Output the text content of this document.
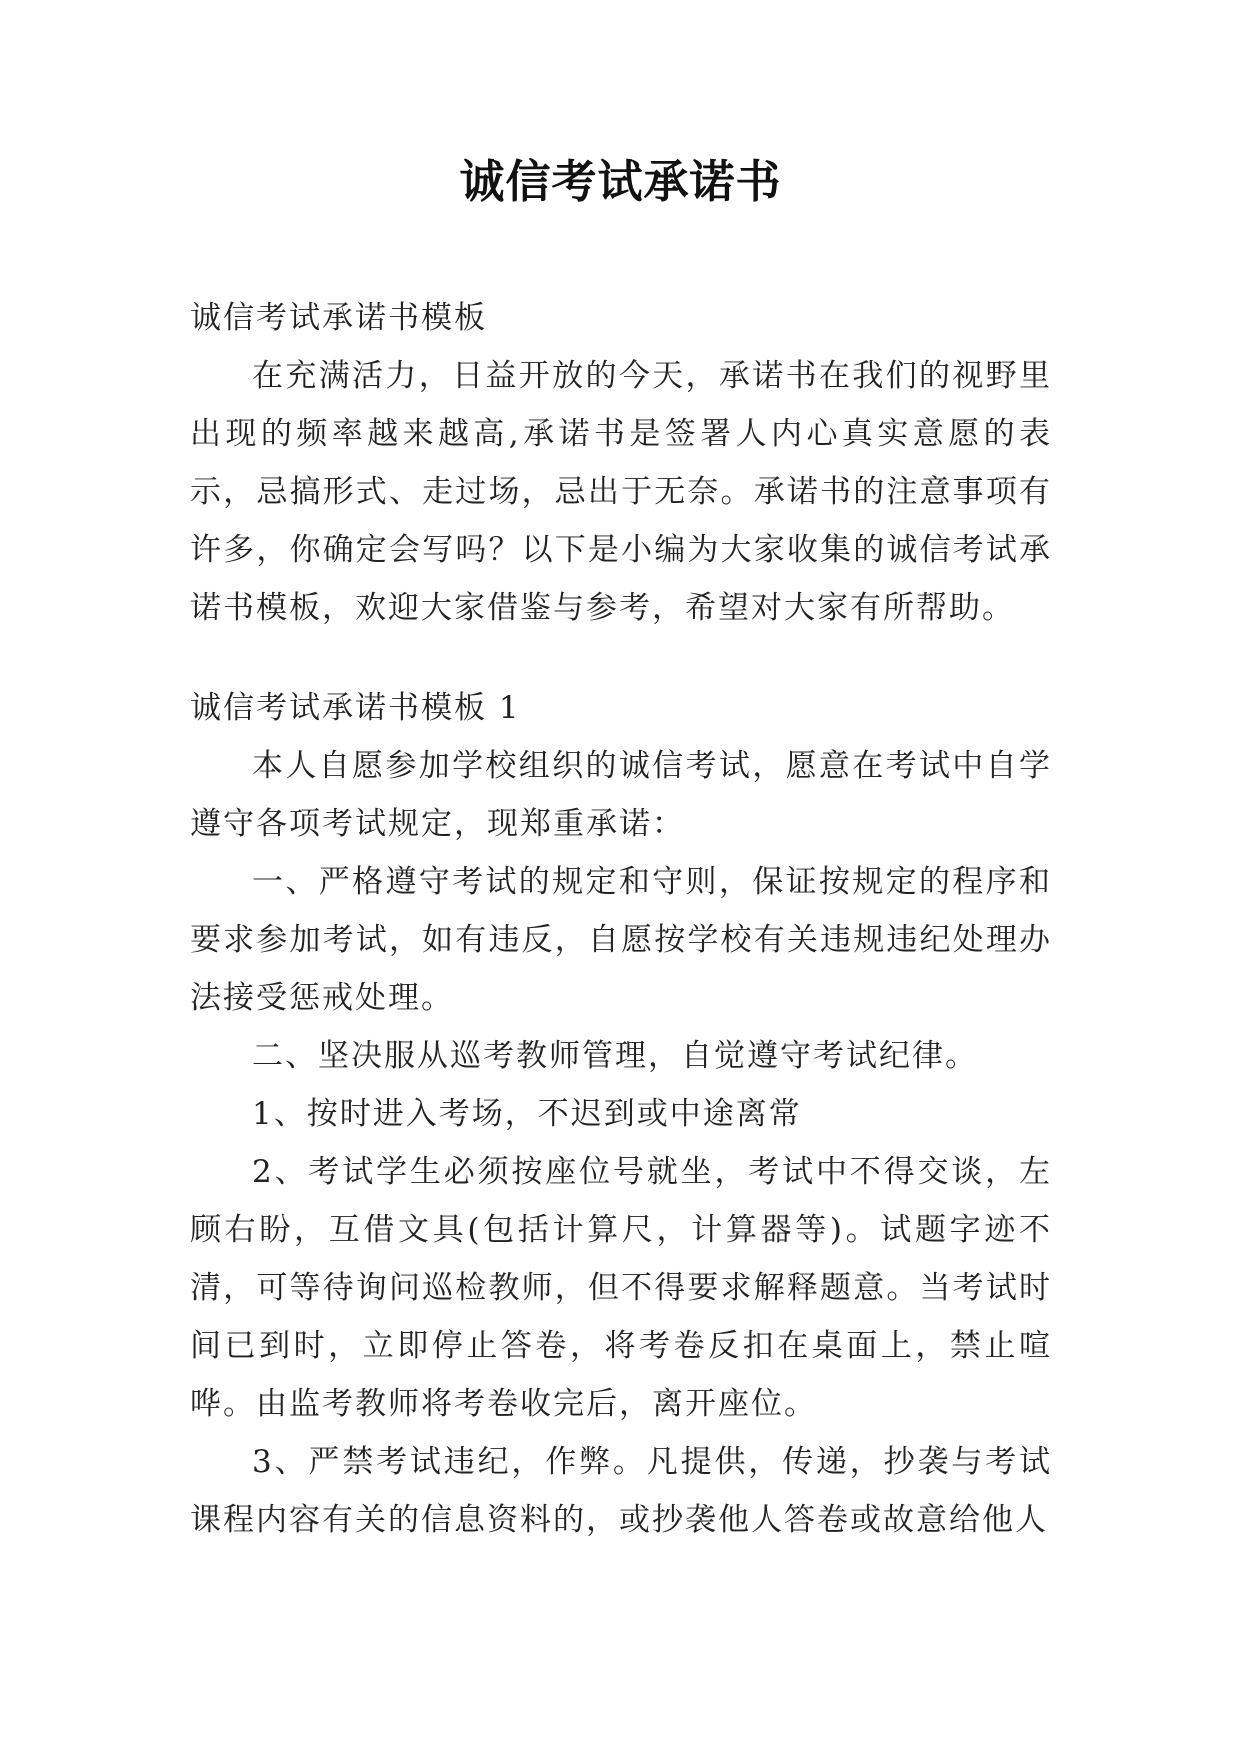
诚信考试承诺书

诚信考试承诺书模板

在充满活力，日益开放的今天，承诺书在我们的视野里出现的频率越来越高,承诺书是签署人内心真实意愿的表示，忌搞形式、走过场，忌出于无奈。承诺书的注意事项有许多，你确定会写吗？以下是小编为大家收集的诚信考试承诺书模板，欢迎大家借鉴与参考，希望对大家有所帮助。

诚信考试承诺书模板 1

本人自愿参加学校组织的诚信考试，愿意在考试中自学遵守各项考试规定，现郑重承诺：

一、严格遵守考试的规定和守则，保证按规定的程序和要求参加考试，如有违反，自愿按学校有关违规违纪处理办法接受惩戒处理。

二、坚决服从巡考教师管理，自觉遵守考试纪律。

1、按时进入考场，不迟到或中途离常

2、考试学生必须按座位号就坐，考试中不得交谈，左顾右盼，互借文具(包括计算尺，计算器等)。试题字迹不清，可等待询问巡检教师，但不得要求解释题意。当考试时间已到时，立即停止答卷，将考卷反扣在桌面上，禁止喧哗。由监考教师将考卷收完后，离开座位。

3、严禁考试违纪，作弊。凡提供，传递，抄袭与考试课程内容有关的信息资料的，或抄袭他人答卷或故意给他人
